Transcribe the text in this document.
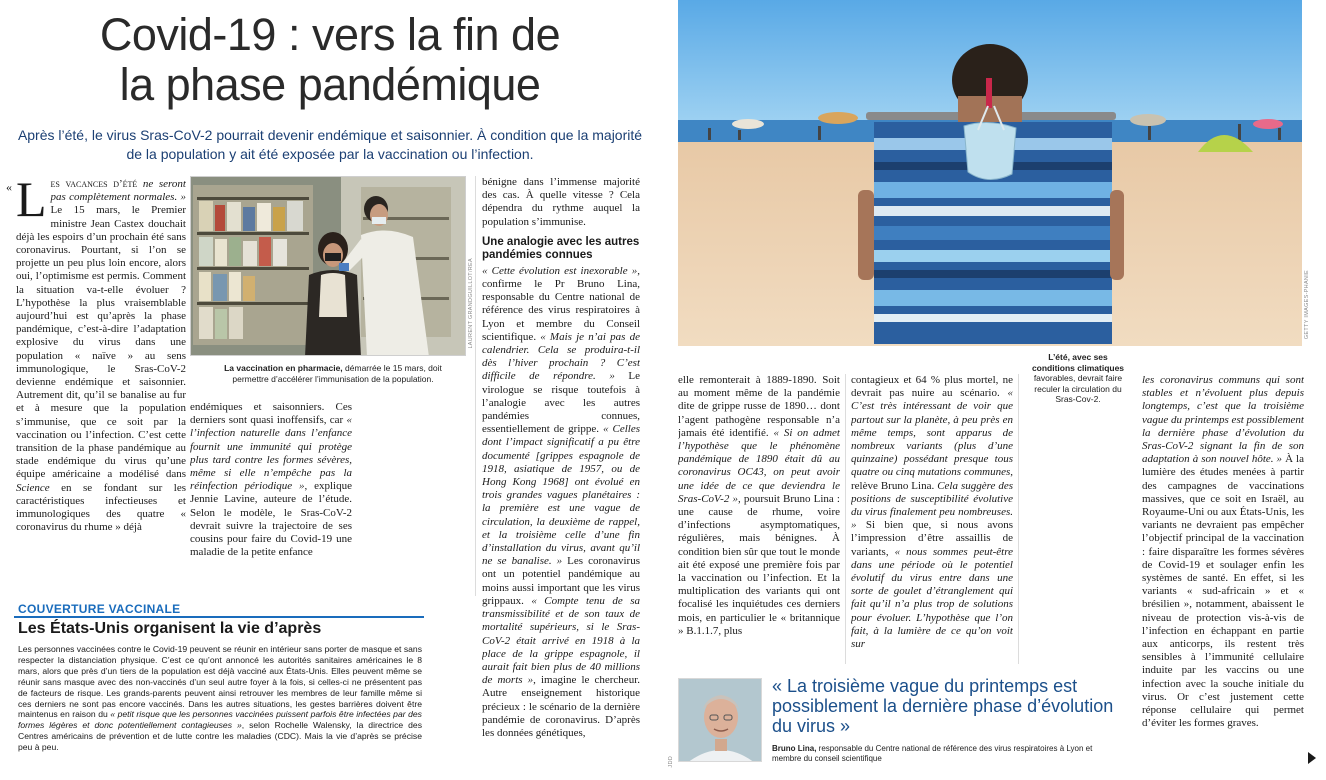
Covid-19 : vers la fin de
la phase pandémique

Après l’été, le virus Sras-CoV-2 pourrait devenir endémique et saisonnier. À condition que la majorité de la population y ait été exposée par la vaccination ou l’infection.

« L es vacances d’été ne seront pas complètement normales. » Le 15 mars, le Premier ministre Jean Castex douchait déjà les espoirs d’un prochain été sans coronavirus. Pourtant, si l’on se projette un peu plus loin encore, alors oui, l’optimisme est permis. Comment la situation va-t-elle évoluer ? L’hypothèse la plus vraisemblable aujourd’hui est qu’après la phase pandémique, c’est-à-dire l’adaptation explosive du virus dans une population « naïve » au sens immunologique, le Sras-CoV-2 devienne endémique et saisonnier. Autrement dit, qu’il se banalise au fur et à mesure que la population s’immunise, que ce soit par la vaccination ou l’infection. C’est cette transition de la phase pandémique au stade endémique du virus qu’une équipe américaine a modélisé dans Science en se fondant sur les caractéristiques infectieuses et immunologiques des quatre « coronavirus du rhume » déjà

LAURENT GRANDGUILLOT/REA

La vaccination en pharmacie, démarrée le 15 mars, doit permettre d’accélérer l’immunisation de la population.

endémiques et saisonniers. Ces derniers sont quasi inoffensifs, car « l’infection naturelle dans l’enfance fournit une immunité qui protège plus tard contre les formes sévères, même si elle n’empêche pas la réinfection périodique », explique Jennie Lavine, auteure de l’étude. Selon le modèle, le Sras-CoV-2 devrait suivre la trajectoire de ses cousins pour faire du Covid-19 une maladie de la petite enfance

bénigne dans l’immense majorité des cas. À quelle vitesse ? Cela dépendra du rythme auquel la population s’immunise.

Une analogie avec les autres pandémies connues

« Cette évolution est inexorable », confirme le Pr Bruno Lina, responsable du Centre national de référence des virus respiratoires à Lyon et membre du Conseil scientifique. « Mais je n’ai pas de calendrier. Cela se produira-t-il dès l’hiver prochain ? C’est difficile de répondre. » Le virologue se risque toutefois à l’analogie avec les autres pandémies connues, essentiellement de grippe. « Celles dont l’impact significatif a pu être documenté [grippes espagnole de 1918, asiatique de 1957, ou de Hong Kong 1968] ont évolué en trois grandes vagues planétaires : la première est une vague de circulation, la deuxième de rappel, et la troisième celle d’une fin d’installation du virus, avant qu’il ne se banalise. » Les coronavirus ont un potentiel pandémique au moins aussi important que les virus grippaux. « Compte tenu de sa transmissibilité et de son taux de mortalité supérieurs, si le Sras-CoV-2 était arrivé en 1918 à la place de la grippe espagnole, il aurait fait bien plus de 40 millions de morts », imagine le chercheur. Autre enseignement historique précieux : le scénario de la dernière pandémie de coronavirus. D’après les données génétiques,

GETTY IMAGES-PHANIE

L’été, avec ses conditions climatiques
favorables, devrait faire reculer la circulation du Sras-Cov-2.

elle remonterait à 1889-1890. Soit au moment même de la pandémie dite de grippe russe de 1890… dont l’agent pathogène responsable n’a jamais été identifié. « Si on admet l’hypothèse que le phénomène pandémique de 1890 était dû au coronavirus OC43, on peut avoir une idée de ce que deviendra le Sras-CoV-2 », poursuit Bruno Lina : une cause de rhume, voire d’infections asymptomatiques, régulières, mais bénignes. À condition bien sûr que tout le monde ait été exposé une première fois par la vaccination ou l’infection. Et la multiplication des variants qui ont focalisé les inquiétudes ces derniers mois, en particulier le « britannique » B.1.1.7, plus

contagieux et 64 % plus mortel, ne devrait pas nuire au scénario. « C’est très intéressant de voir que partout sur la planète, à peu près en même temps, sont apparus de nombreux variants (plus d’une quinzaine) possédant presque tous quatre ou cinq mutations communes, relève Bruno Lina. Cela suggère des positions de susceptibilité évolutive du virus finalement peu nombreuses. » Si bien que, si nous avons l’impression d’être assaillis de variants, « nous sommes peut-être dans une période où le potentiel évolutif du virus entre dans une sorte de goulet d’étranglement qui fait qu’il n’a plus trop de solutions pour évoluer. L’hypothèse que l’on fait, à la lumière de ce qu’on voit sur

les coronavirus communs qui sont stables et n’évoluent plus depuis longtemps, c’est que la troisième vague du printemps est possiblement la dernière phase d’évolution du Sras-CoV-2 signant la fin de son adaptation à son nouvel hôte. » À la lumière des études menées à partir des campagnes de vaccinations massives, que ce soit en Israël, au Royaume-Uni ou aux États-Unis, les variants ne devraient pas empêcher l’objectif principal de la vaccination : faire disparaître les formes sévères de Covid-19 et soulager enfin les systèmes de santé. En effet, si les variants « sud-africain » et « brésilien », notamment, abaissent le niveau de protection vis-à-vis de l’infection en échappant en partie aux anticorps, ils restent très sensibles à l’immunité cellulaire induite par les vaccins ou une infection avec la souche initiale du virus. Or c’est justement cette réponse cellulaire qui permet d’éviter les formes graves.

COUVERTURE VACCINALE
Les États-Unis organisent la vie d’après

Les personnes vaccinées contre le Covid-19 peuvent se réunir en intérieur sans porter de masque et sans respecter la distanciation physique. C’est ce qu’ont annoncé les autorités sanitaires américaines le 8 mars, alors que près d’un tiers de la population est déjà vacciné aux États-Unis. Elles peuvent même se réunir sans masque avec des non-vaccinés d’un seul autre foyer à la fois, si celles-ci ne présentent pas de facteurs de risque. Les grands-parents peuvent ainsi retrouver les membres de leur famille même si ces derniers ne sont pas encore vaccinés. Dans les autres situations, les gestes barrières doivent être maintenus en raison du « petit risque que les personnes vaccinées puissent parfois être infectées par des formes légères et donc potentiellement contagieuses », selon Rochelle Walensky, la directrice des Centres américains de prévention et de lutte contre les maladies (CDC). Mais la vie d’après se précise peu à peu.

« La troisième vague du printemps est possiblement la dernière phase d’évolution du virus »

Bruno Lina, responsable du Centre national de référence des virus respiratoires à Lyon et membre du conseil scientifique

JDD
